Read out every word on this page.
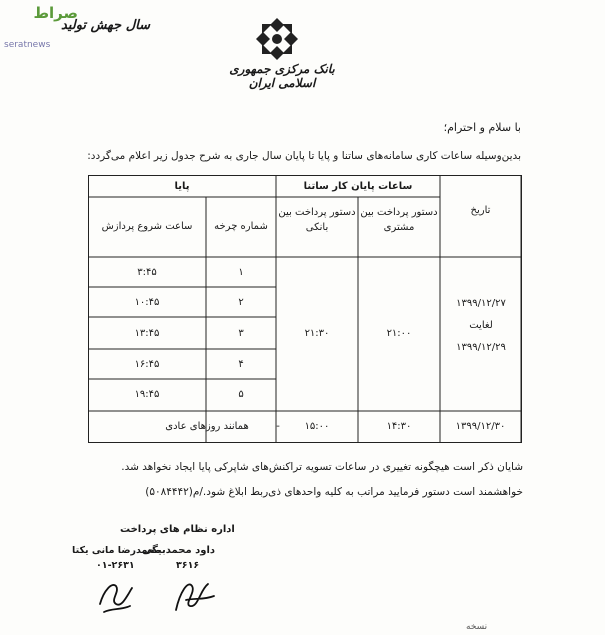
صراط
seratnews
سال جهش تولید
بانک مرکزی جمهوری اسلامی ایران
با سلام و احترام؛
بدین‌وسیله ساعات کاری سامانه‌های ساتنا و پایا تا پایان سال جاری به شرح جدول زیر اعلام می‌گردد:
تاریخ
ساعات پایان کار ساتنا
دستور پرداخت بین مشتری
دستور پرداخت بین بانکی
پایا
شماره چرخه
ساعت شروع پردازش
۱۳۹۹/۱۲/۲۷ لغایت ۱۳۹۹/۱۲/۲۹
۲۱:۰۰
۲۱:۳۰
۱
۳:۴۵
۲
۱۰:۴۵
۳
۱۳:۴۵
۴
۱۶:۴۵
۵
۱۹:۴۵
۱۳۹۹/۱۲/۳۰
۱۴:۳۰
۱۵:۰۰
-
همانند روزهای عادی
شایان ذکر است هیچگونه تغییری در ساعات تسویه تراکنش‌های شاپرکی پایا ایجاد نخواهد شد.
خواهشمند است دستور فرمایید مراتب به کلیه واحدهای ذی‌ربط ابلاغ شود./م(۵۰۸۴۴۴۲)
اداره نظام های پرداخت
داود محمدبیگی
محمدرضا مانی یکتا
۳۶۱۶
۰۱-۲۶۳۱
نسخه
